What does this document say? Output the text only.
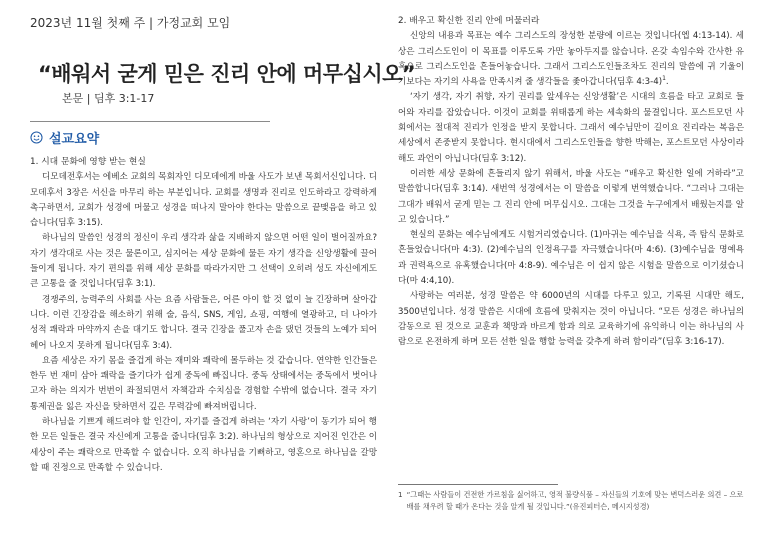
2023년 11월 첫째 주 | 가정교회 모임
“배워서 굳게 믿은 진리 안에 머무십시오”
본문 | 딤후 3:1-17
설교요약

1. 시대 문화에 영향 받는 현실

디모데전후서는 에베소 교회의 목회자인 디모데에게 바울 사도가 보낸 목회서신입니다. 디모데후서 3장은 서신을 마무리 하는 부분입니다. 교회를 생명과 진리로 인도하라고 강력하게 촉구하면서, 교회가 성경에 머물고 성경을 떠나지 말아야 한다는 말씀으로 끝맺음을 하고 있습니다(딤후 3:15).

하나님의 말씀인 성경의 정신이 우리 생각과 삶을 지배하지 않으면 어떤 일이 벌어질까요? 자기 생각대로 사는 것은 물론이고, 심지어는 세상 문화에 물든 자기 생각을 신앙생활에 끌어들이게 됩니다. 자기 편의를 위해 세상 문화를 따라가지만 그 선택이 오히려 성도 자신에게도 큰 고통을 줄 것입니다(딤후 3:1).

경쟁주의, 능력주의 사회를 사는 요즘 사람들은, 어른 아이 할 것 없이 늘 긴장하며 살아갑니다. 이런 긴장감을 해소하기 위해 술, 음식, SNS, 게임, 쇼핑, 여행에 열광하고, 더 나아가 성적 쾌락과 마약까지 손을 대기도 합니다. 결국 긴장을 풀고자 손을 댔던 것들의 노예가 되어 헤어 나오지 못하게 됩니다(딤후 3:4).

요즘 세상은 자기 몸을 즐겁게 하는 재미와 쾌락에 몰두하는 것 같습니다. 연약한 인간들은 한두 번 재미 삼아 쾌락을 즐기다가 쉽게 중독에 빠집니다. 중독 상태에서는 중독에서 벗어나고자 하는 의지가 번번이 좌절되면서 자책감과 수치심을 경험할 수밖에 없습니다. 결국 자기 통제권을 잃은 자신을 탓하면서 깊은 무력감에 빠져버립니다.

하나님을 기쁘게 해드려야 할 인간이, 자기를 즐겁게 하려는 ‘자기 사랑’이 동기가 되어 행한 모든 일들은 결국 자신에게 고통을 줍니다(딤후 3:2). 하나님의 형상으로 지어진 인간은 이 세상이 주는 쾌락으로 만족할 수 없습니다. 오직 하나님을 기뻐하고, 영혼으로 하나님을 갈망할 때 진정으로 만족할 수 있습니다.

2. 배우고 확신한 진리 안에 머물러라

신앙의 내용과 목표는 예수 그리스도의 장성한 분량에 이르는 것입니다(엡 4:13-14). 세상은 그리스도인이 이 목표를 이루도록 가만 놓아두지를 않습니다. 온갖 속임수와 간사한 유혹으로 그리스도인을 흔들어놓습니다. 그래서 그리스도인들조차도 진리의 말씀에 귀 기울이기보다는 자기의 사욕을 만족시켜 줄 생각들을 좇아갑니다(딤후 4:3-4)$^1$.

‘자기 생각, 자기 취향, 자기 권리를 앞세우는 신앙생활’은 시대의 흐름을 타고 교회로 들어와 자리를 잡았습니다. 이것이 교회를 위태롭게 하는 세속화의 물결입니다. 포스트모던 사회에서는 절대적 진리가 인정을 받지 못합니다. 그래서 예수님만이 길이요 진리라는 복음은 세상에서 존중받지 못합니다. 현시대에서 그리스도인들을 향한 박해는, 포스트모던 사상이라 해도 과언이 아닙니다(딤후 3:12).

이러한 세상 문화에 흔들리지 않기 위해서, 바울 사도는 “배우고 확신한 일에 거하라”고 말씀합니다(딤후 3:14). 새번역 성경에서는 이 말씀을 이렇게 번역했습니다. “그러나 그대는 그대가 배워서 굳게 믿는 그 진리 안에 머무십시오. 그대는 그것을 누구에게서 배웠는지를 알고 있습니다.”

현실의 문화는 예수님에게도 시험거리였습니다. (1)마귀는 예수님을 식욕, 즉 탐식 문화로 흔들었습니다(마 4:3). (2)예수님의 인정욕구를 자극했습니다(마 4:6). (3)예수님을 명예욕과 권력욕으로 유혹했습니다(마 4:8-9). 예수님은 이 쉽지 않은 시험을 말씀으로 이기셨습니다(마 4:4,10).

사랑하는 여러분, 성경 말씀은 약 6000년의 시대를 다루고 있고, 기록된 시대만 해도, 3500년입니다. 성경 말씀은 시대에 흐름에 맞춰지는 것이 아닙니다. “모든 성경은 하나님의 감동으로 된 것으로 교훈과 책망과 바르게 함과 의로 교육하기에 유익하니 이는 하나님의 사람으로 온전하게 하며 모든 선한 일을 행할 능력을 갖추게 하려 함이라”(딤후 3:16-17).

1 “그때는 사람들이 건전한 가르침을 싫어하고, 영적 불량식품 – 자신들의 기호에 맞는 변덕스러운 의견 – 으로 배를 채우려 할 때가 온다는 것을 알게 될 것입니다.”(유진피터슨, 메시지성경)
